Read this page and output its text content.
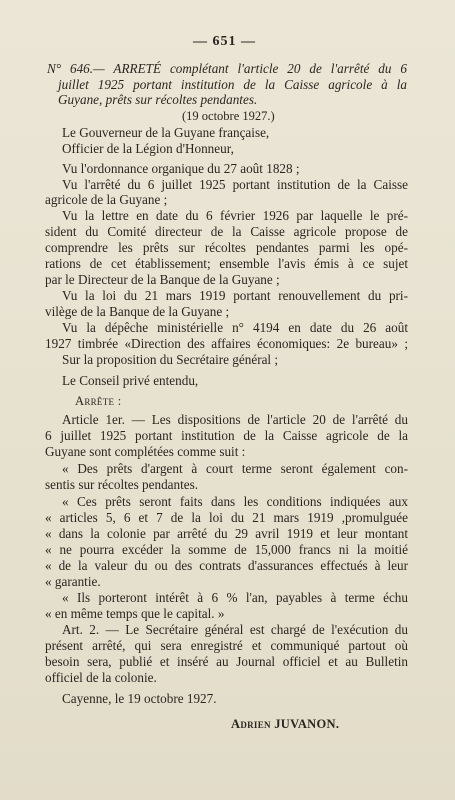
— 651 —
N° 646.— ARRETÉ complétant l'article 20 de l'arrêté du 6
juillet 1925 portant institution de la Caisse agricole à la
Guyane, prêts sur récoltes pendantes.
(19 octobre 1927.)
Le Gouverneur de la Guyane française,
Officier de la Légion d'Honneur,
Vu l'ordonnance organique du 27 août 1828 ;
Vu l'arrêté du 6 juillet 1925 portant institution de la Caisse
agricole de la Guyane ;
Vu la lettre en date du 6 février 1926 par laquelle le pré-
sident du Comité directeur de la Caisse agricole propose de
comprendre les prêts sur récoltes pendantes parmi les opé-
rations de cet établissement; ensemble l'avis émis à ce sujet
par le Directeur de la Banque de la Guyane ;
Vu la loi du 21 mars 1919 portant renouvellement du pri-
vilège de la Banque de la Guyane ;
Vu la dépêche ministérielle n° 4194 en date du 26 août
1927 timbrée «Direction des affaires économiques: 2e bureau» ;
Sur la proposition du Secrétaire général ;
Le Conseil privé entendu,
Arrête :
Article 1er. — Les dispositions de l'article 20 de l'arrêté du
6 juillet 1925 portant institution de la Caisse agricole de la
Guyane sont complétées comme suit :
« Des prêts d'argent à court terme seront également con-
sentis sur récoltes pendantes.
« Ces prêts seront faits dans les conditions indiquées aux
« articles 5, 6 et 7 de la loi du 21 mars 1919 ,promulguée
« dans la colonie par arrêté du 29 avril 1919 et leur montant
« ne pourra excéder la somme de 15,000 francs ni la moitié
« de la valeur du ou des contrats d'assurances effectués à leur
« garantie.
« Ils porteront intérêt à 6 % l'an, payables à terme échu
« en même temps que le capital. »
Art. 2. — Le Secrétaire général est chargé de l'exécution du
présent arrêté, qui sera enregistré et communiqué partout où
besoin sera, publié et inséré au Journal officiel et au Bulletin
officiel de la colonie.
Cayenne, le 19 octobre 1927.
Adrien JUVANON.
